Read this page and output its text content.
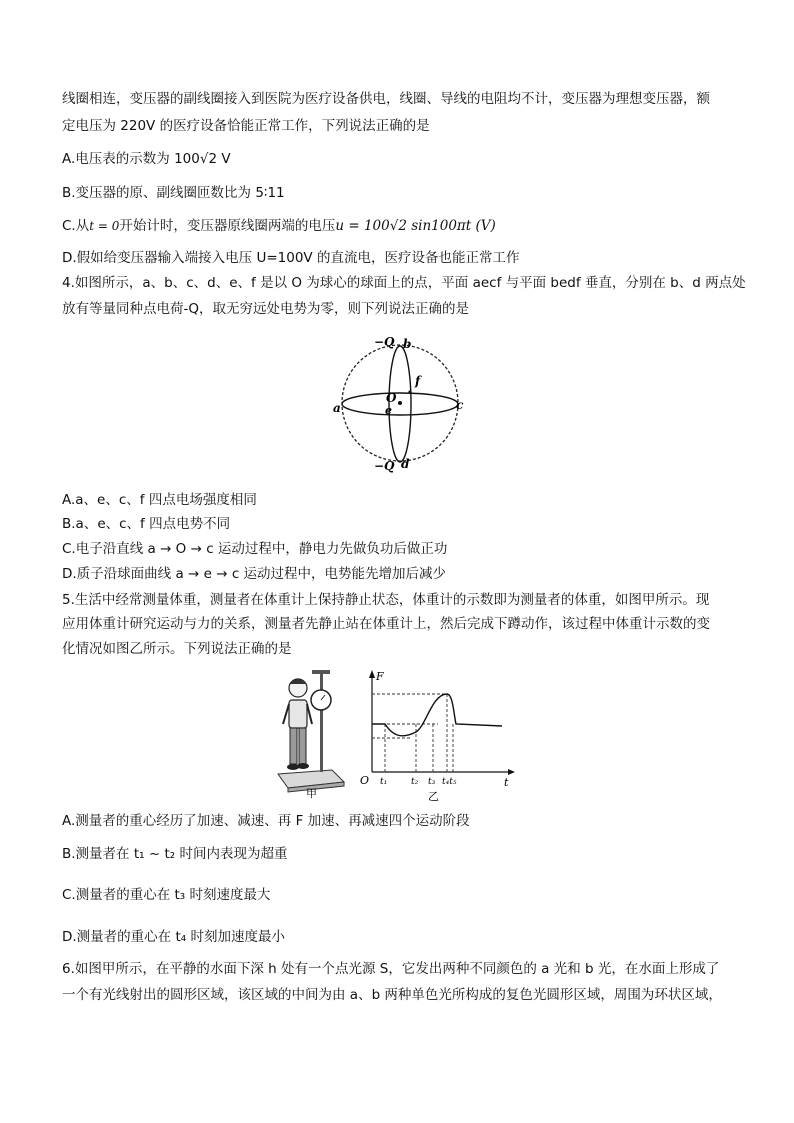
线圈相连，变压器的副线圈接入到医院为医疗设备供电，线圈、导线的电阻均不计，变压器为理想变压器，额
定电压为 220V 的医疗设备恰能正常工作，下列说法正确的是
A.电压表的示数为 100√2 V
B.变压器的原、副线圈匝数比为 5∶11
C.从t = 0开始计时，变压器原线圈两端的电压u = 100√2 sin100πt (V)
D.假如给变压器输入端接入电压 U=100V 的直流电，医疗设备也能正常工作
4.如图所示，a、b、c、d、e、f 是以 O 为球心的球面上的点，平面 aecf 与平面 bedf 垂直，分别在 b、d 两点处
放有等量同种点电荷-Q，取无穷远处电势为零，则下列说法正确的是
−Q b
f
a	c
O
e
−Q d
A.a、e、c、f 四点电场强度相同
B.a、e、c、f 四点电势不同
C.电子沿直线 a → O → c 运动过程中，静电力先做负功后做正功
D.质子沿球面曲线 a → e → c 运动过程中，电势能先增加后减少
5.生活中经常测量体重，测量者在体重计上保持静止状态，体重计的示数即为测量者的体重，如图甲所示。现
应用体重计研究运动与力的关系，测量者先静止站在体重计上，然后完成下蹲动作，该过程中体重计示数的变
化情况如图乙所示。下列说法正确的是
甲
F
O	t
t₁	t₂ t₃ t₄t₅
乙
A.测量者的重心经历了加速、减速、再 F 加速、再减速四个运动阶段
B.测量者在 t₁ ~ t₂ 时间内表现为超重
C.测量者的重心在 t₃ 时刻速度最大
D.测量者的重心在 t₄ 时刻加速度最小
6.如图甲所示，在平静的水面下深 h 处有一个点光源 S，它发出两种不同颜色的 a 光和 b 光，在水面上形成了
一个有光线射出的圆形区域，该区域的中间为由 a、b 两种单色光所构成的复色光圆形区域，周围为环状区域，
